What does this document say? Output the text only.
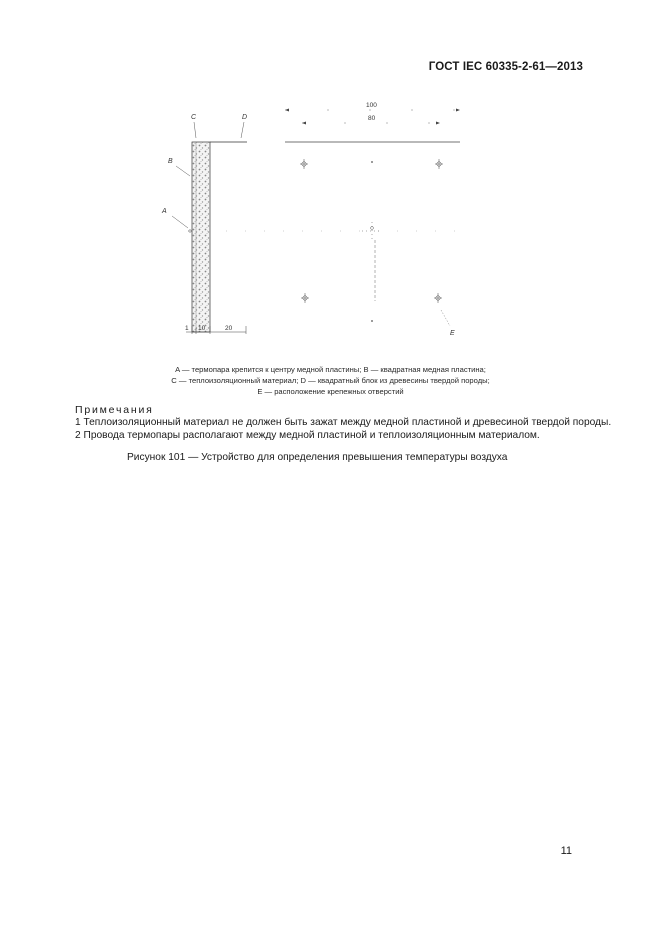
ГОСТ IEC 60335-2-61—2013
C	D
B
A
100
80
E
1 10	20
A — термопара крепится к центру медной пластины; B — квадратная медная пластина;
C — теплоизоляционный материал; D — квадратный блок из древесины твердой породы;
E — расположение крепежных отверстий
Примечания
1 Теплоизоляционный материал не должен быть зажат между медной пластиной и древесиной твердой породы.
2 Провода термопары располагают между медной пластиной и теплоизоляционным материалом.
Рисунок 101 — Устройство для определения превышения температуры воздуха
11
